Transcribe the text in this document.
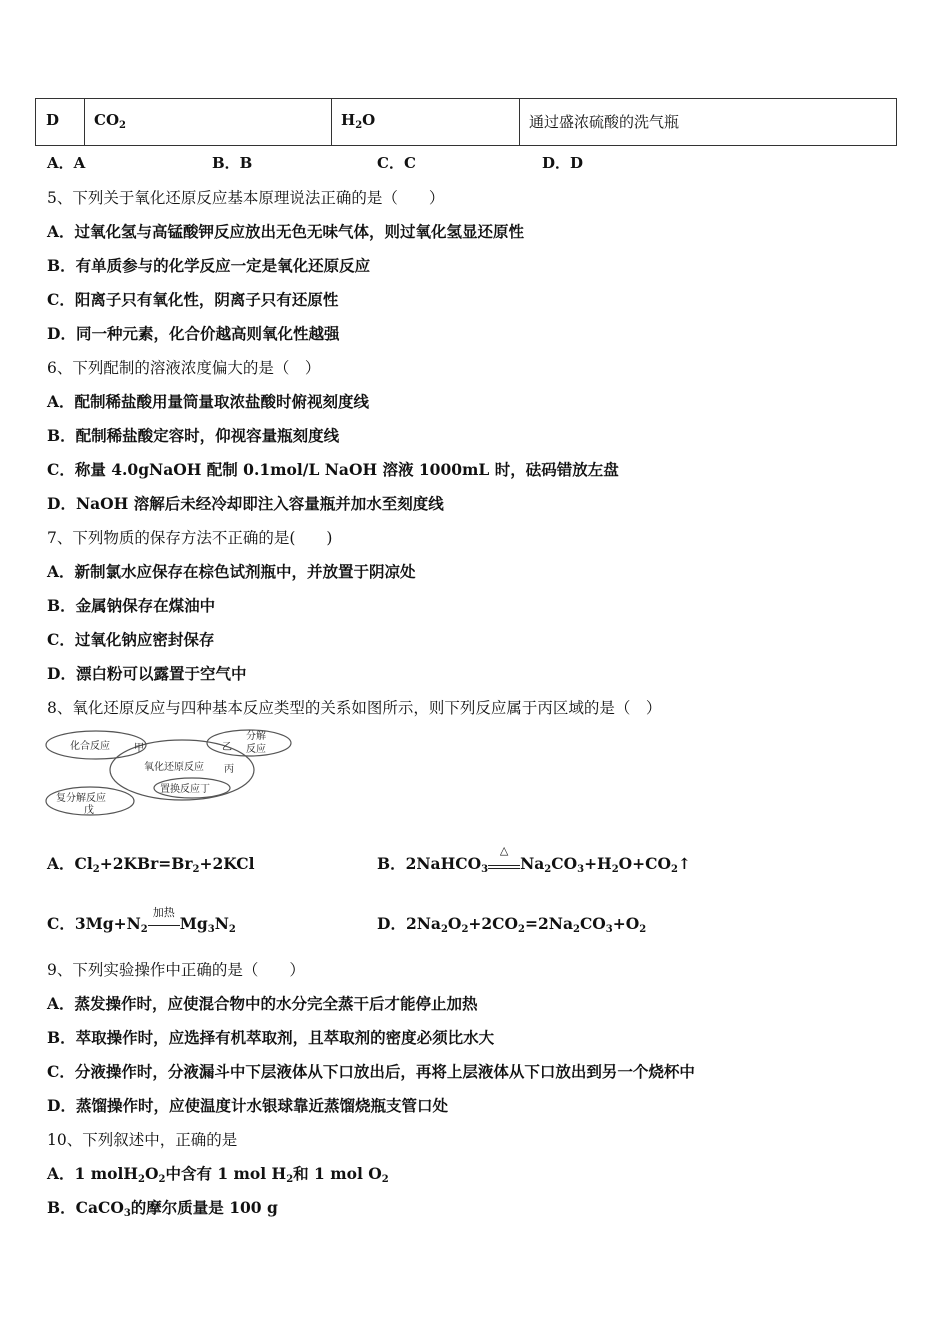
D	$CO_2$	$H_2O$	通过盛浓硫酸的洗气瓶
A．A	B．B	C．C	D．D
5、下列关于氧化还原反应基本原理说法正确的是（　　）
A．过氧化氢与高锰酸钾反应放出无色无味气体，则过氧化氢显还原性
B．有单质参与的化学反应一定是氧化还原反应
C．阳离子只有氧化性，阴离子只有还原性
D．同一种元素，化合价越高则氧化性越强
6、下列配制的溶液浓度偏大的是（　）
A．配制稀盐酸用量筒量取浓盐酸时俯视刻度线
B．配制稀盐酸定容时，仰视容量瓶刻度线
C．称量 4.0gNaOH 配制 0.1mol/L NaOH 溶液 1000mL 时，砝码错放左盘
D．NaOH 溶解后未经冷却即注入容量瓶并加水至刻度线
7、下列物质的保存方法不正确的是(　　)
A．新制氯水应保存在棕色试剂瓶中，并放置于阴凉处
B．金属钠保存在煤油中
C．过氧化钠应密封保存
D．漂白粉可以露置于空气中
8、氧化还原反应与四种基本反应类型的关系如图所示，则下列反应属于丙区域的是（　）
化合反应 甲
分解
反应
乙
氧化还原反应 丙
置换反应丁
复分解反应
戊
A．$Cl_2+2KBr=Br_2+2KCl$	B．2NaHCO$_3$
△
$Na_2CO_3+H_2O+CO_2↑$
C．$3Mg+N_2$
加热
$Mg_3N_2$	D．$2Na_2O_2+2CO_2=2Na_2CO_3+O_2$
9、下列实验操作中正确的是（　　）
A．蒸发操作时，应使混合物中的水分完全蒸干后才能停止加热
B．萃取操作时，应选择有机萃取剂，且萃取剂的密度必须比水大
C．分液操作时，分液漏斗中下层液体从下口放出后，再将上层液体从下口放出到另一个烧杯中
D．蒸馏操作时，应使温度计水银球靠近蒸馏烧瓶支管口处
10、下列叙述中，正确的是
A．1 $molH_2O_2$中含有 1 mol $H_2$和 1 mol $O_2$
B．CaCO$_3$的摩尔质量是 100 g
